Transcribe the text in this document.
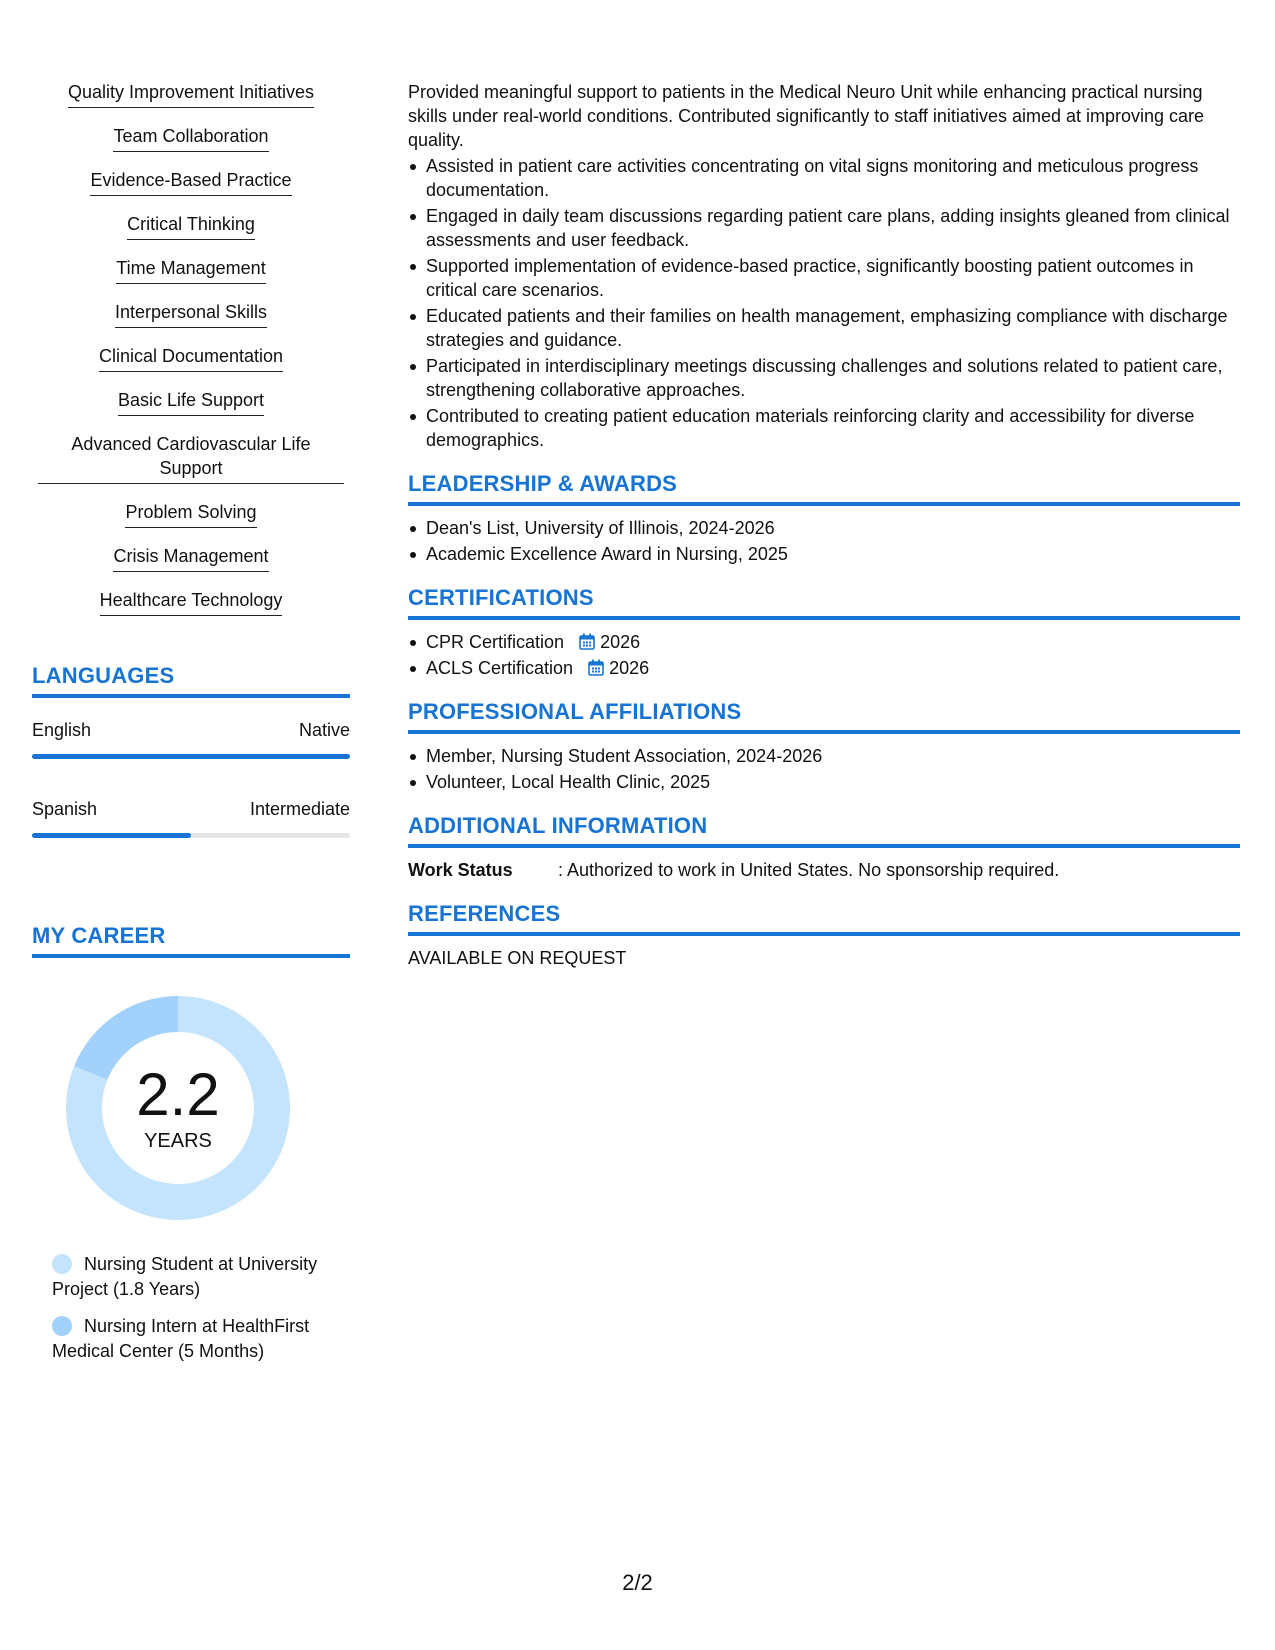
Quality Improvement Initiatives
Team Collaboration
Evidence-Based Practice
Critical Thinking
Time Management
Interpersonal Skills
Clinical Documentation
Basic Life Support
Advanced Cardiovascular Life Support
Problem Solving
Crisis Management
Healthcare Technology
LANGUAGES
English	Native
Spanish	Intermediate
MY CAREER
2.2
YEARS
Nursing Student at University Project (1.8 Years)
Nursing Intern at HealthFirst Medical Center (5 Months)
Provided meaningful support to patients in the Medical Neuro Unit while enhancing practical nursing skills under real-world conditions. Contributed significantly to staff initiatives aimed at improving care quality.
Assisted in patient care activities concentrating on vital signs monitoring and meticulous progress documentation.
Engaged in daily team discussions regarding patient care plans, adding insights gleaned from clinical assessments and user feedback.
Supported implementation of evidence-based practice, significantly boosting patient outcomes in critical care scenarios.
Educated patients and their families on health management, emphasizing compliance with discharge strategies and guidance.
Participated in interdisciplinary meetings discussing challenges and solutions related to patient care, strengthening collaborative approaches.
Contributed to creating patient education materials reinforcing clarity and accessibility for diverse demographics.
LEADERSHIP & AWARDS
Dean's List, University of Illinois, 2024-2026
Academic Excellence Award in Nursing, 2025
CERTIFICATIONS
CPR Certification 2026
ACLS Certification 2026
PROFESSIONAL AFFILIATIONS
Member, Nursing Student Association, 2024-2026
Volunteer, Local Health Clinic, 2025
ADDITIONAL INFORMATION
Work Status	: Authorized to work in United States. No sponsorship required.
REFERENCES
AVAILABLE ON REQUEST
2/2
